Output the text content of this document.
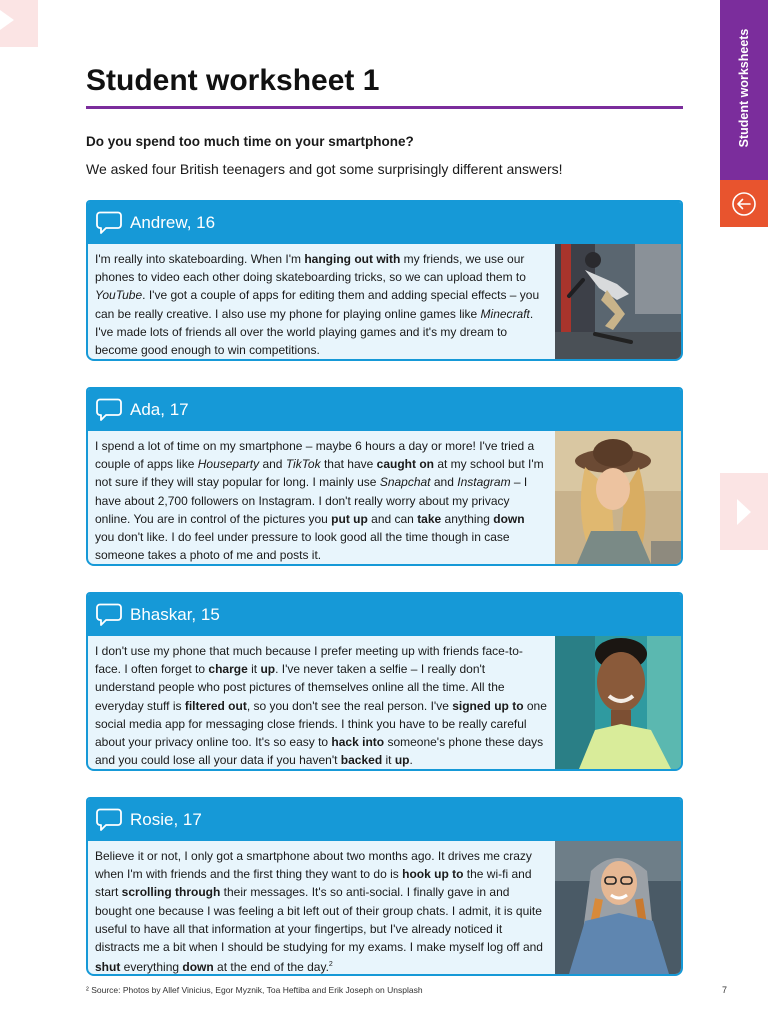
Student worksheets
Student worksheet 1
Do you spend too much time on your smartphone?
We asked four British teenagers and got some surprisingly different answers!
Andrew, 16
I'm really into skateboarding. When I'm hanging out with my friends, we use our phones to video each other doing skateboarding tricks, so we can upload them to YouTube. I've got a couple of apps for editing them and adding special effects – you can be really creative. I also use my phone for playing online games like Minecraft. I've made lots of friends all over the world playing games and it's my dream to become good enough to win competitions.
Ada, 17
I spend a lot of time on my smartphone – maybe 6 hours a day or more! I've tried a couple of apps like Houseparty and TikTok that have caught on at my school but I'm not sure if they will stay popular for long. I mainly use Snapchat and Instagram – I have about 2,700 followers on Instagram. I don't really worry about my privacy online. You are in control of the pictures you put up and can take anything down you don't like. I do feel under pressure to look good all the time though in case someone takes a photo of me and posts it.
Bhaskar, 15
I don't use my phone that much because I prefer meeting up with friends face-to-face. I often forget to charge it up. I've never taken a selfie – I really don't understand people who post pictures of themselves online all the time. All the everyday stuff is filtered out, so you don't see the real person. I've signed up to one social media app for messaging close friends. I think you have to be really careful about your privacy online too. It's so easy to hack into someone's phone these days and you could lose all your data if you haven't backed it up.
Rosie, 17
Believe it or not, I only got a smartphone about two months ago. It drives me crazy when I'm with friends and the first thing they want to do is hook up to the wi-fi and start scrolling through their messages. It's so anti-social. I finally gave in and bought one because I was feeling a bit left out of their group chats. I admit, it is quite useful to have all that information at your fingertips, but I've already noticed it distracts me a bit when I should be studying for my exams. I make myself log off and shut everything down at the end of the day.$^2$
² Source: Photos by Allef Vinicius, Egor Myznik, Toa Heftiba and Erik Joseph on Unsplash	7
